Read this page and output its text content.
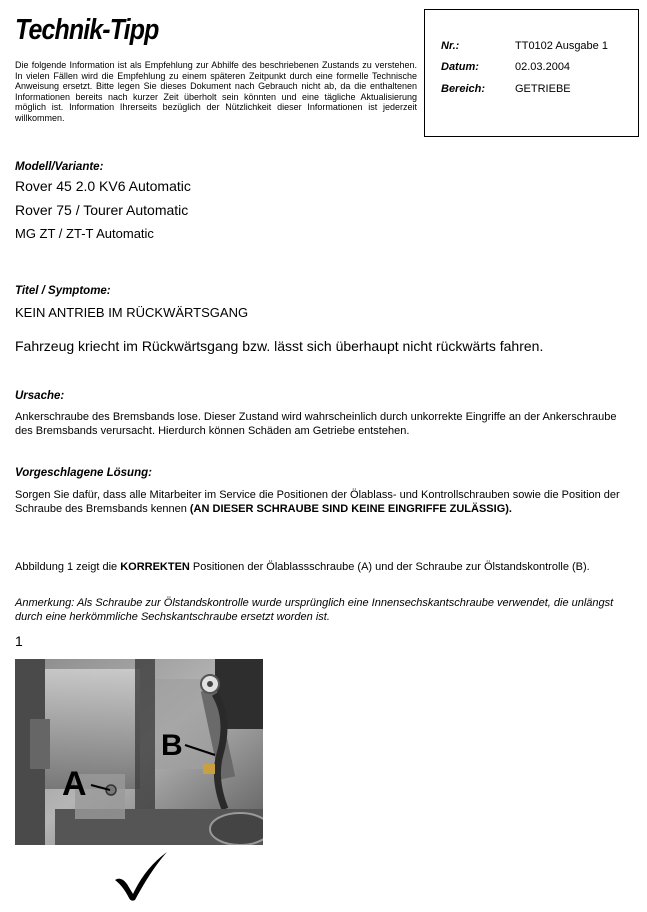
Technik-Tipp
Die folgende Information ist als Empfehlung zur Abhilfe des beschriebenen Zustands zu verstehen. In vielen Fällen wird die Empfehlung zu einem späteren Zeitpunkt durch eine formelle Technische Anweisung ersetzt. Bitte legen Sie dieses Dokument nach Gebrauch nicht ab, da die enthaltenen Informationen bereits nach kurzer Zeit überholt sein könnten und eine tägliche Aktualisierung möglich ist. Information Ihrerseits bezüglich der Nützlichkeit dieser Informationen ist jederzeit willkommen.
Nr.:	TT0102 Ausgabe 1
Datum:	02.03.2004
Bereich:	GETRIEBE
Modell/Variante:
Rover 45 2.0 KV6 Automatic
Rover 75 / Tourer Automatic
MG ZT / ZT-T Automatic
Titel / Symptome:
KEIN ANTRIEB IM RÜCKWÄRTSGANG
Fahrzeug kriecht im Rückwärtsgang bzw. lässt sich überhaupt nicht rückwärts fahren.
Ursache:
Ankerschraube des Bremsbands lose. Dieser Zustand wird wahrscheinlich durch unkorrekte Eingriffe an der Ankerschraube des Bremsbands verursacht. Hierdurch können Schäden am Getriebe entstehen.
Vorgeschlagene Lösung:
Sorgen Sie dafür, dass alle Mitarbeiter im Service die Positionen der Ölablass- und Kontrollschrauben sowie die Position der Schraube des Bremsbands kennen (AN DIESER SCHRAUBE SIND KEINE EINGRIFFE ZULÄSSIG).
Abbildung 1 zeigt die KORREKTEN Positionen der Ölablassschraube (A) und der Schraube zur Ölstandskontrolle (B).
Anmerkung: Als Schraube zur Ölstandskontrolle wurde ursprünglich eine Innensechskantschraube verwendet, die unlängst durch eine herkömmliche Sechskantschraube ersetzt worden ist.
1
B
A
